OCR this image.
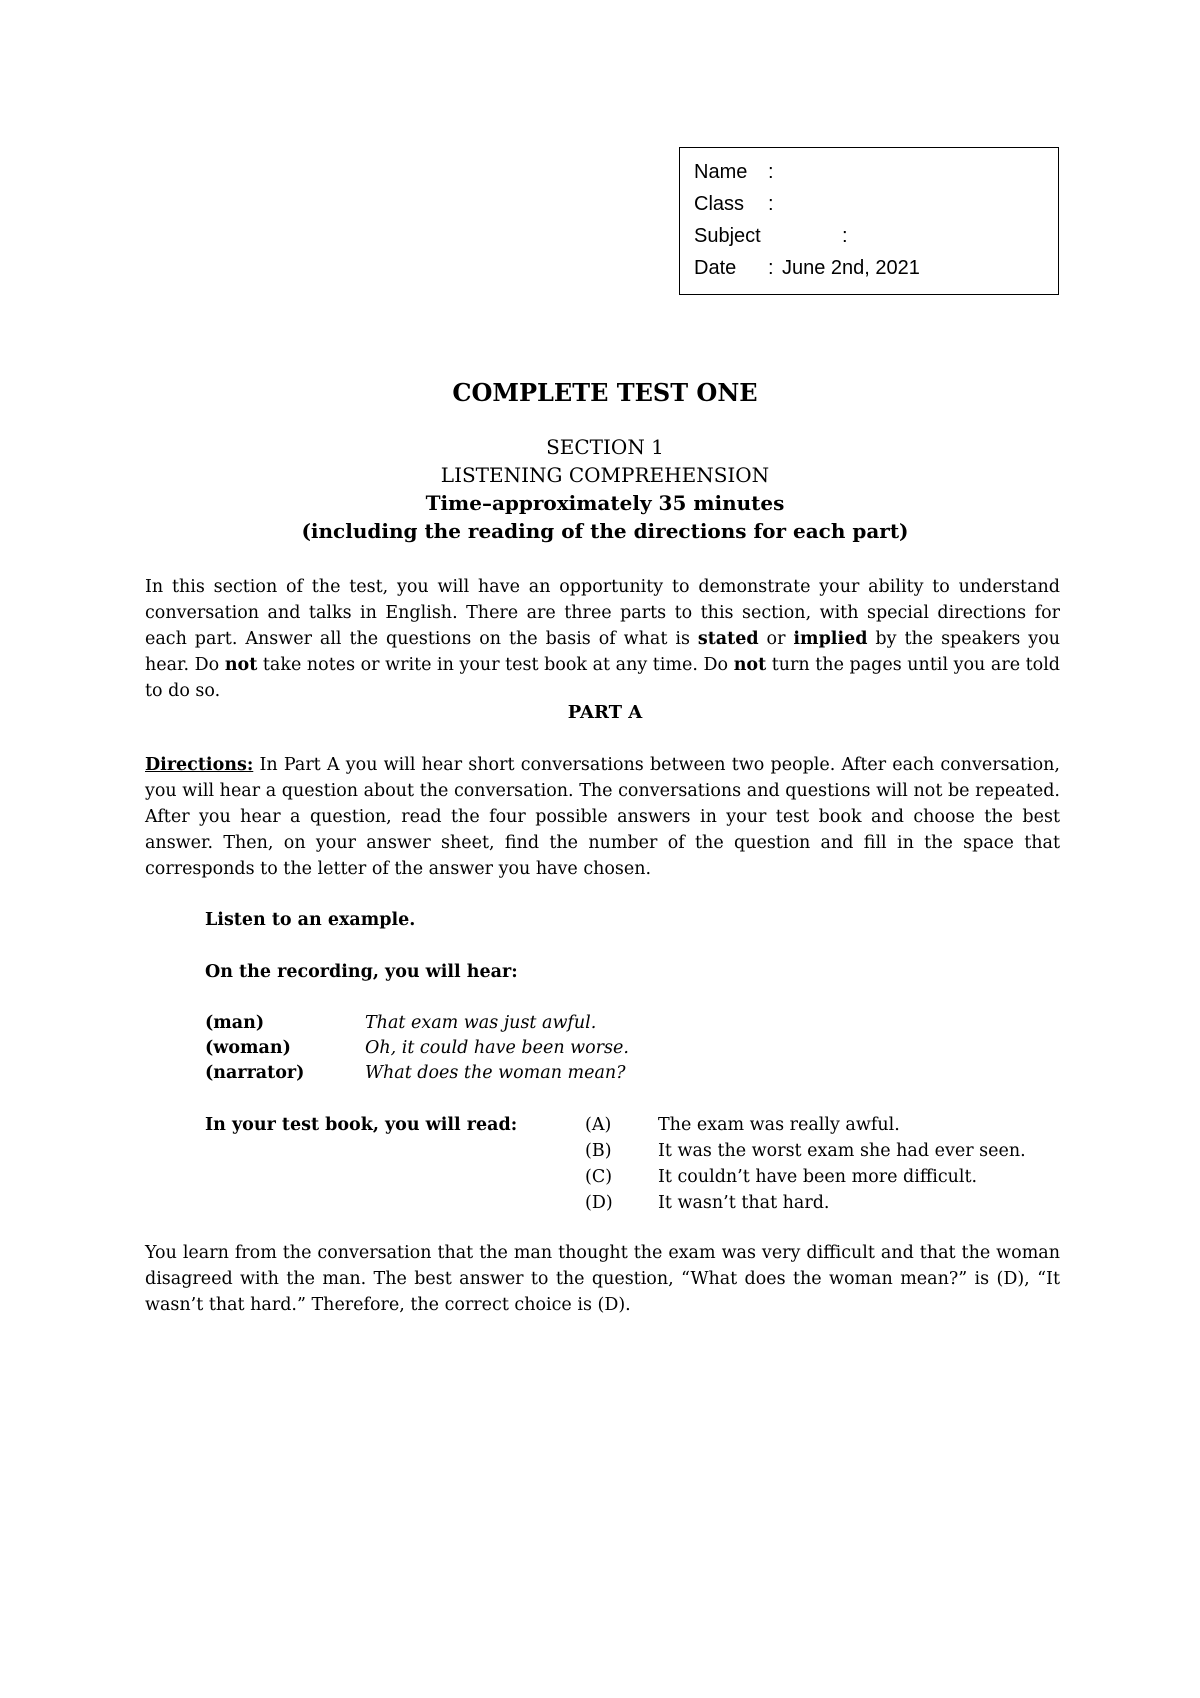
Name :
Class :
Subject	:
Date : June 2nd, 2021
COMPLETE TEST ONE
SECTION 1
LISTENING COMPREHENSION
Time–approximately 35 minutes
(including the reading of the directions for each part)
In this section of the test, you will have an opportunity to demonstrate your ability to understand conversation and talks in English. There are three parts to this section, with special directions for each part. Answer all the questions on the basis of what is stated or implied by the speakers you hear. Do not take notes or write in your test book at any time. Do not turn the pages until you are told to do so.
PART A
Directions: In Part A you will hear short conversations between two people. After each conversation, you will hear a question about the conversation. The conversations and questions will not be repeated. After you hear a question, read the four possible answers in your test book and choose the best answer. Then, on your answer sheet, find the number of the question and fill in the space that corresponds to the letter of the answer you have chosen.
Listen to an example.
On the recording, you will hear:
(man)	That exam was just awful.
(woman)	Oh, it could have been worse.
(narrator)	What does the woman mean?
In your test book, you will read:	(A)	The exam was really awful.
(B)	It was the worst exam she had ever seen.
(C)	It couldn’t have been more difficult.
(D)	It wasn’t that hard.
You learn from the conversation that the man thought the exam was very difficult and that the woman disagreed with the man. The best answer to the question, “What does the woman mean?” is (D), “It wasn’t that hard.” Therefore, the correct choice is (D).
